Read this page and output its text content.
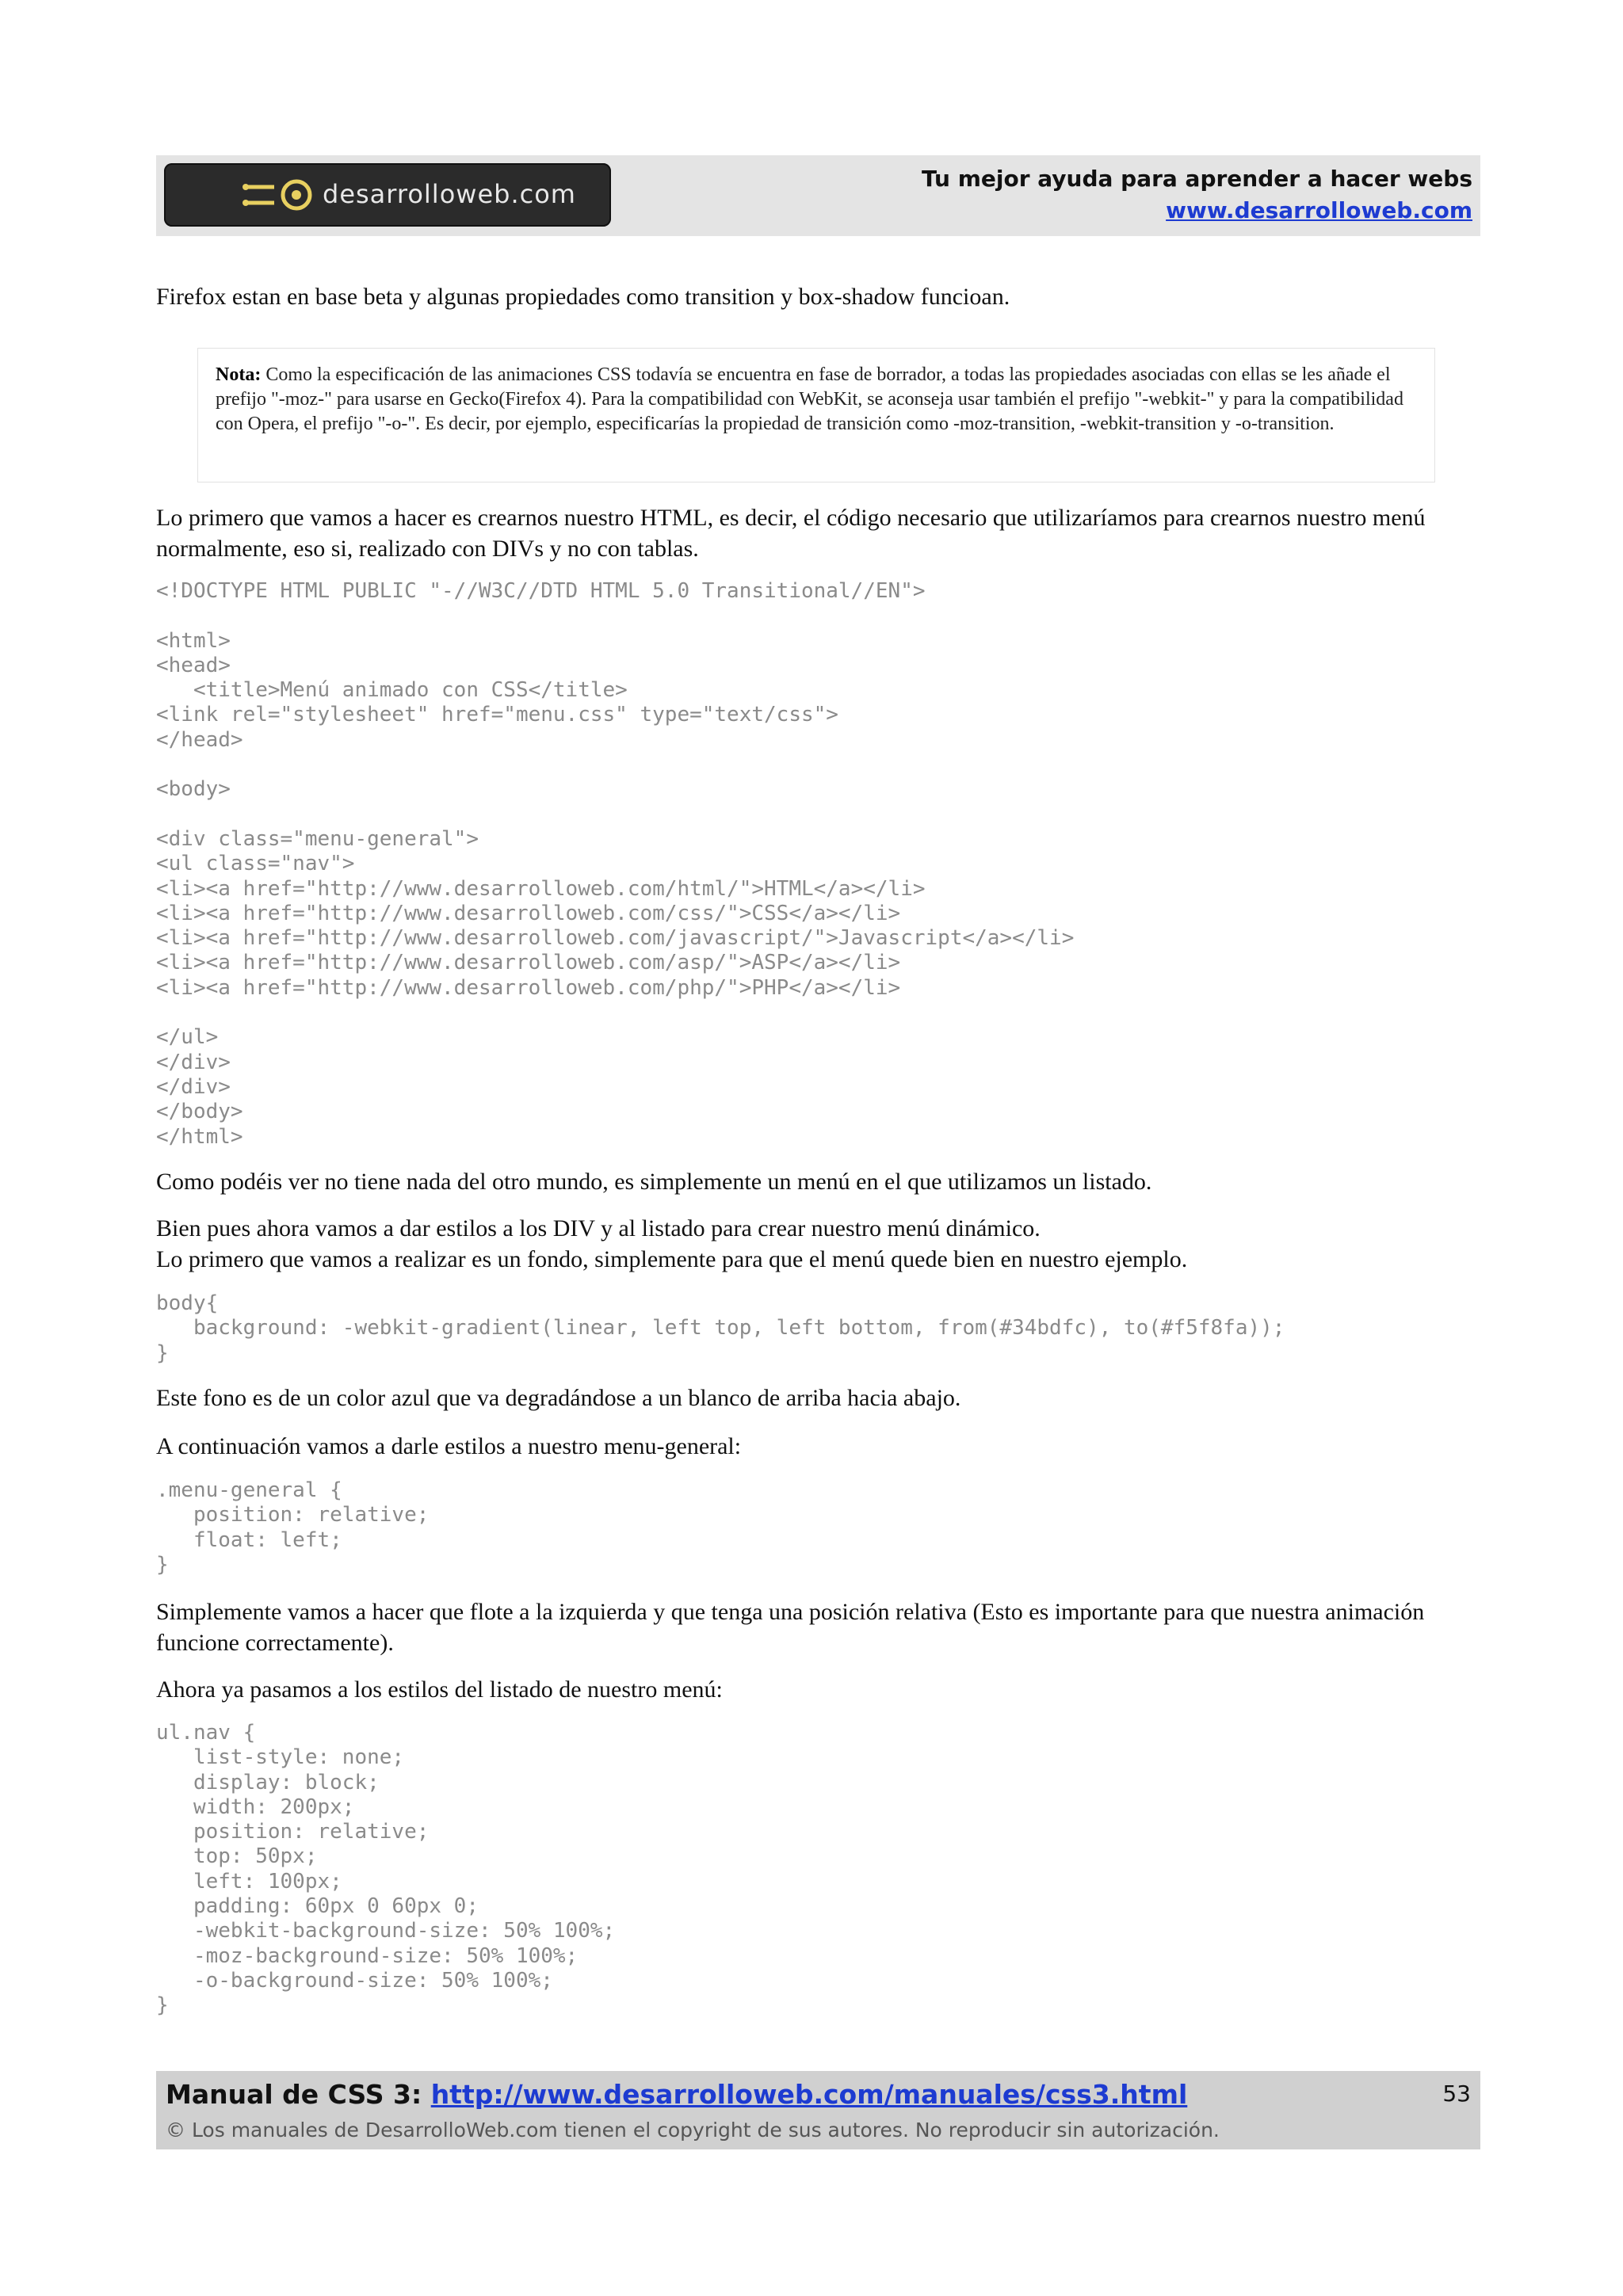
desarrolloweb.com
Tu mejor ayuda para aprender a hacer webs
www.desarrolloweb.com

Firefox estan en base beta y algunas propiedades como transition y box-shadow funcioan.

Nota: Como la especificación de las animaciones CSS todavía se encuentra en fase de borrador, a todas las propiedades asociadas con ellas se les añade el prefijo "-moz-" para usarse en Gecko(Firefox 4). Para la compatibilidad con WebKit, se aconseja usar también el prefijo "-webkit-" y para la compatibilidad con Opera, el prefijo "-o-". Es decir, por ejemplo, especificarías la propiedad de transición como -moz-transition, -webkit-transition y -o-transition.

Lo primero que vamos a hacer es crearnos nuestro HTML, es decir, el código necesario que utilizaríamos para crearnos nuestro menú normalmente, eso si, realizado con DIVs y no con tablas.

<!DOCTYPE HTML PUBLIC "-//W3C//DTD HTML 5.0 Transitional//EN">

<html>
<head>
<title>Menú animado con CSS</title>
<link rel="stylesheet" href="menu.css" type="text/css">
</head>

<body>

<div class="menu-general">
<ul class="nav">
<li><a href="http://www.desarrolloweb.com/html/">HTML</a></li>
<li><a href="http://www.desarrolloweb.com/css/">CSS</a></li>
<li><a href="http://www.desarrolloweb.com/javascript/">Javascript</a></li>
<li><a href="http://www.desarrolloweb.com/asp/">ASP</a></li>
<li><a href="http://www.desarrolloweb.com/php/">PHP</a></li>

</ul>
</div>
</div>
</body>
</html>

Como podéis ver no tiene nada del otro mundo, es simplemente un menú en el que utilizamos un listado.

Bien pues ahora vamos a dar estilos a los DIV y al listado para crear nuestro menú dinámico.
Lo primero que vamos a realizar es un fondo, simplemente para que el menú quede bien en nuestro ejemplo.

body{
background: -webkit-gradient(linear, left top, left bottom, from(#34bdfc), to(#f5f8fa));
}

Este fono es de un color azul que va degradándose a un blanco de arriba hacia abajo.

A continuación vamos a darle estilos a nuestro menu-general:

.menu-general {
position: relative;
float: left;
}

Simplemente vamos a hacer que flote a la izquierda y que tenga una posición relativa (Esto es importante para que nuestra animación funcione correctamente).

Ahora ya pasamos a los estilos del listado de nuestro menú:

ul.nav {
list-style: none;
display: block;
width: 200px;
position: relative;
top: 50px;
left: 100px;
padding: 60px 0 60px 0;
-webkit-background-size: 50% 100%;
-moz-background-size: 50% 100%;
-o-background-size: 50% 100%;
}
Manual de CSS 3: http://www.desarrolloweb.com/manuales/css3.html	53
© Los manuales de DesarrolloWeb.com tienen el copyright de sus autores. No reproducir sin autorización.
